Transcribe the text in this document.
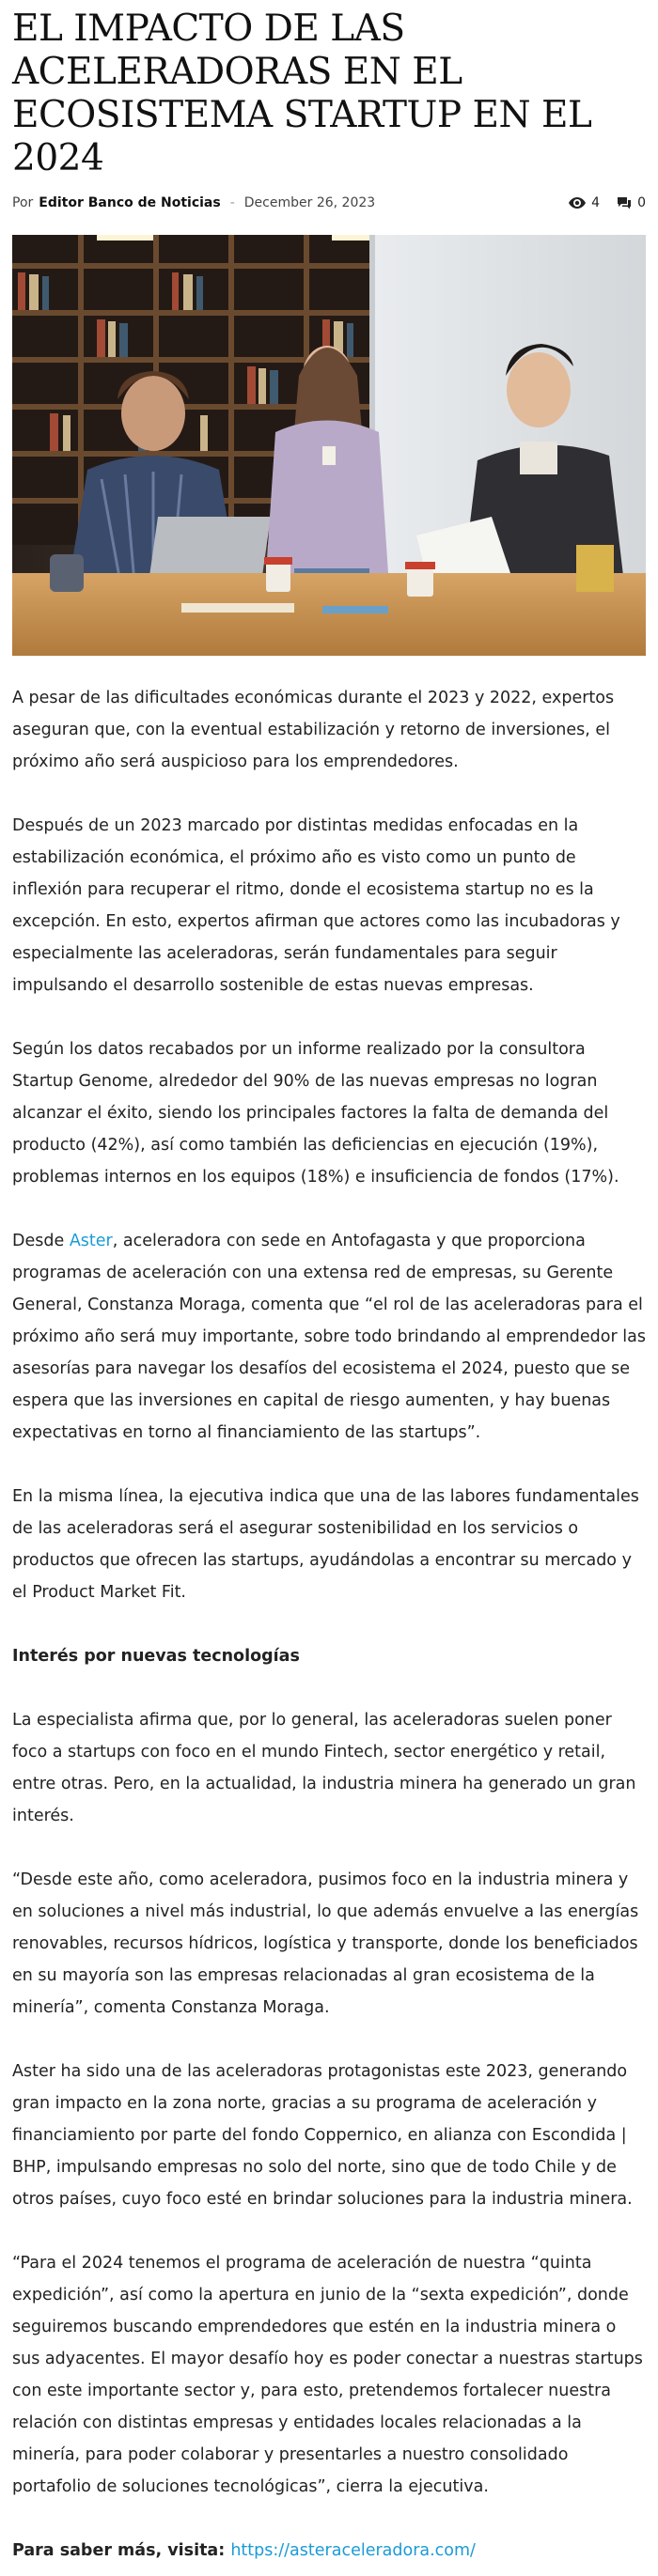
EL IMPACTO DE LAS ACELERADORAS EN EL ECOSISTEMA STARTUP EN EL 2024
Por Editor Banco de Noticias - December 26, 2023	4	0

A pesar de las dificultades económicas durante el 2023 y 2022, expertos aseguran que, con la eventual estabilización y retorno de inversiones, el próximo año será auspicioso para los emprendedores.

Después de un 2023 marcado por distintas medidas enfocadas en la estabilización económica, el próximo año es visto como un punto de inflexión para recuperar el ritmo, donde el ecosistema startup no es la excepción. En esto, expertos afirman que actores como las incubadoras y especialmente las aceleradoras, serán fundamentales para seguir impulsando el desarrollo sostenible de estas nuevas empresas.

Según los datos recabados por un informe realizado por la consultora Startup Genome, alrededor del 90% de las nuevas empresas no logran alcanzar el éxito, siendo los principales factores la falta de demanda del producto (42%), así como también las deficiencias en ejecución (19%), problemas internos en los equipos (18%) e insuficiencia de fondos (17%).

Desde Aster, aceleradora con sede en Antofagasta y que proporciona programas de aceleración con una extensa red de empresas, su Gerente General, Constanza Moraga, comenta que “el rol de las aceleradoras para el próximo año será muy importante, sobre todo brindando al emprendedor las asesorías para navegar los desafíos del ecosistema el 2024, puesto que se espera que las inversiones en capital de riesgo aumenten, y hay buenas expectativas en torno al financiamiento de las startups”.

En la misma línea, la ejecutiva indica que una de las labores fundamentales de las aceleradoras será el asegurar sostenibilidad en los servicios o productos que ofrecen las startups, ayudándolas a encontrar su mercado y el Product Market Fit.

Interés por nuevas tecnologías

La especialista afirma que, por lo general, las aceleradoras suelen poner foco a startups con foco en el mundo Fintech, sector energético y retail, entre otras. Pero, en la actualidad, la industria minera ha generado un gran interés.

“Desde este año, como aceleradora, pusimos foco en la industria minera y en soluciones a nivel más industrial, lo que además envuelve a las energías renovables, recursos hídricos, logística y transporte, donde los beneficiados en su mayoría son las empresas relacionadas al gran ecosistema de la minería”, comenta Constanza Moraga.

Aster ha sido una de las aceleradoras protagonistas este 2023, generando gran impacto en la zona norte, gracias a su programa de aceleración y financiamiento por parte del fondo Coppernico, en alianza con Escondida | BHP, impulsando empresas no solo del norte, sino que de todo Chile y de otros países, cuyo foco esté en brindar soluciones para la industria minera.

“Para el 2024 tenemos el programa de aceleración de nuestra “quinta expedición”, así como la apertura en junio de la “sexta expedición”, donde seguiremos buscando emprendedores que estén en la industria minera o sus adyacentes. El mayor desafío hoy es poder conectar a nuestras startups con este importante sector y, para esto, pretendemos fortalecer nuestra relación con distintas empresas y entidades locales relacionadas a la minería, para poder colaborar y presentarles a nuestro consolidado portafolio de soluciones tecnológicas”, cierra la ejecutiva.

Para saber más, visita: https://asteraceleradora.com/
